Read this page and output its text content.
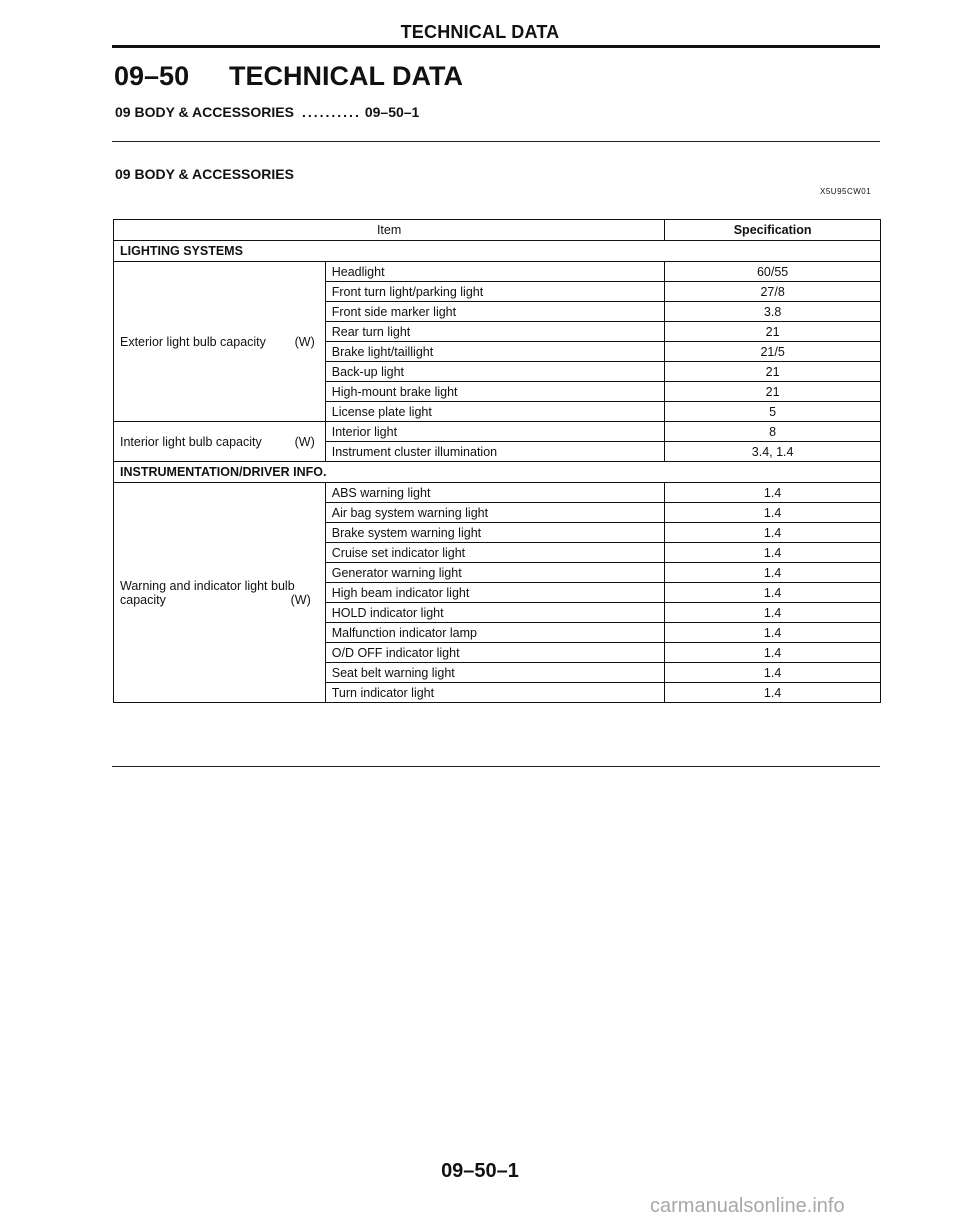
TECHNICAL DATA
09–50 TECHNICAL DATA
09 BODY & ACCESSORIES .......... 09–50–1
09 BODY & ACCESSORIES
X5U95CW01
Item		Specification
LIGHTING SYSTEMS		

Exterior light bulb capacity (W)	Headlight	60/55
	Front turn light/parking light	27/8
	Front side marker light	3.8
	Rear turn light	21
	Brake light/taillight	21/5
	Back-up light	21
	High-mount brake light	21
	License plate light	5

Interior light bulb capacity (W)	Interior light	8
	Instrument cluster illumination	3.4, 1.4
INSTRUMENTATION/DRIVER INFO.		

Warning and indicator light bulb
capacity (W)	ABS warning light	1.4
	Air bag system warning light	1.4
	Brake system warning light	1.4
	Cruise set indicator light	1.4
	Generator warning light	1.4
	High beam indicator light	1.4
	HOLD indicator light	1.4
	Malfunction indicator lamp	1.4
	O/D OFF indicator light	1.4
	Seat belt warning light	1.4
	Turn indicator light	1.4
09–50–1
carmanualsonline.info
